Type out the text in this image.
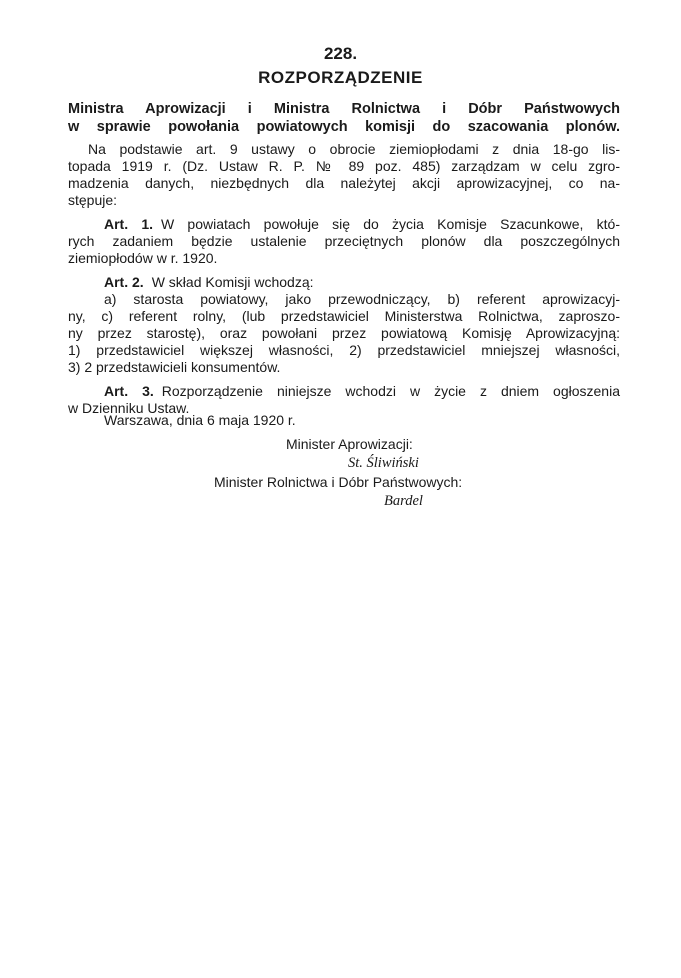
228.
ROZPORZĄDZENIE
Ministra Aprowizacji i Ministra Rolnictwa i Dóbr Państwowych
w sprawie powołania powiatowych komisji do szacowania plonów.
Na podstawie art. 9 ustawy o obrocie ziemiopłodami z dnia 18-go lis-
topada 1919 r. (Dz. Ustaw R. P. № 89 poz. 485) zarządzam w celu zgro-
madzenia danych, niezbędnych dla należytej akcji aprowizacyjnej, co na-
stępuje:
Art. 1. W powiatach powołuje się do życia Komisje Szacunkowe, któ-
rych zadaniem będzie ustalenie przeciętnych plonów dla poszczególnych
ziemiopłodów w r. 1920.
Art. 2. W skład Komisji wchodzą:
a) starosta powiatowy, jako przewodniczący, b) referent aprowizacyj-
ny, c) referent rolny, (lub przedstawiciel Ministerstwa Rolnictwa, zaproszo-
ny przez starostę), oraz powołani przez powiatową Komisję Aprowizacyjną:
1) przedstawiciel większej własności, 2) przedstawiciel mniejszej własności,
3) 2 przedstawicieli konsumentów.
Art. 3. Rozporządzenie niniejsze wchodzi w życie z dniem ogłoszenia
w Dzienniku Ustaw.
Warszawa, dnia 6 maja 1920 r.
Minister Aprowizacji:
St. Śliwiński
Minister Rolnictwa i Dóbr Państwowych:
Bardel
